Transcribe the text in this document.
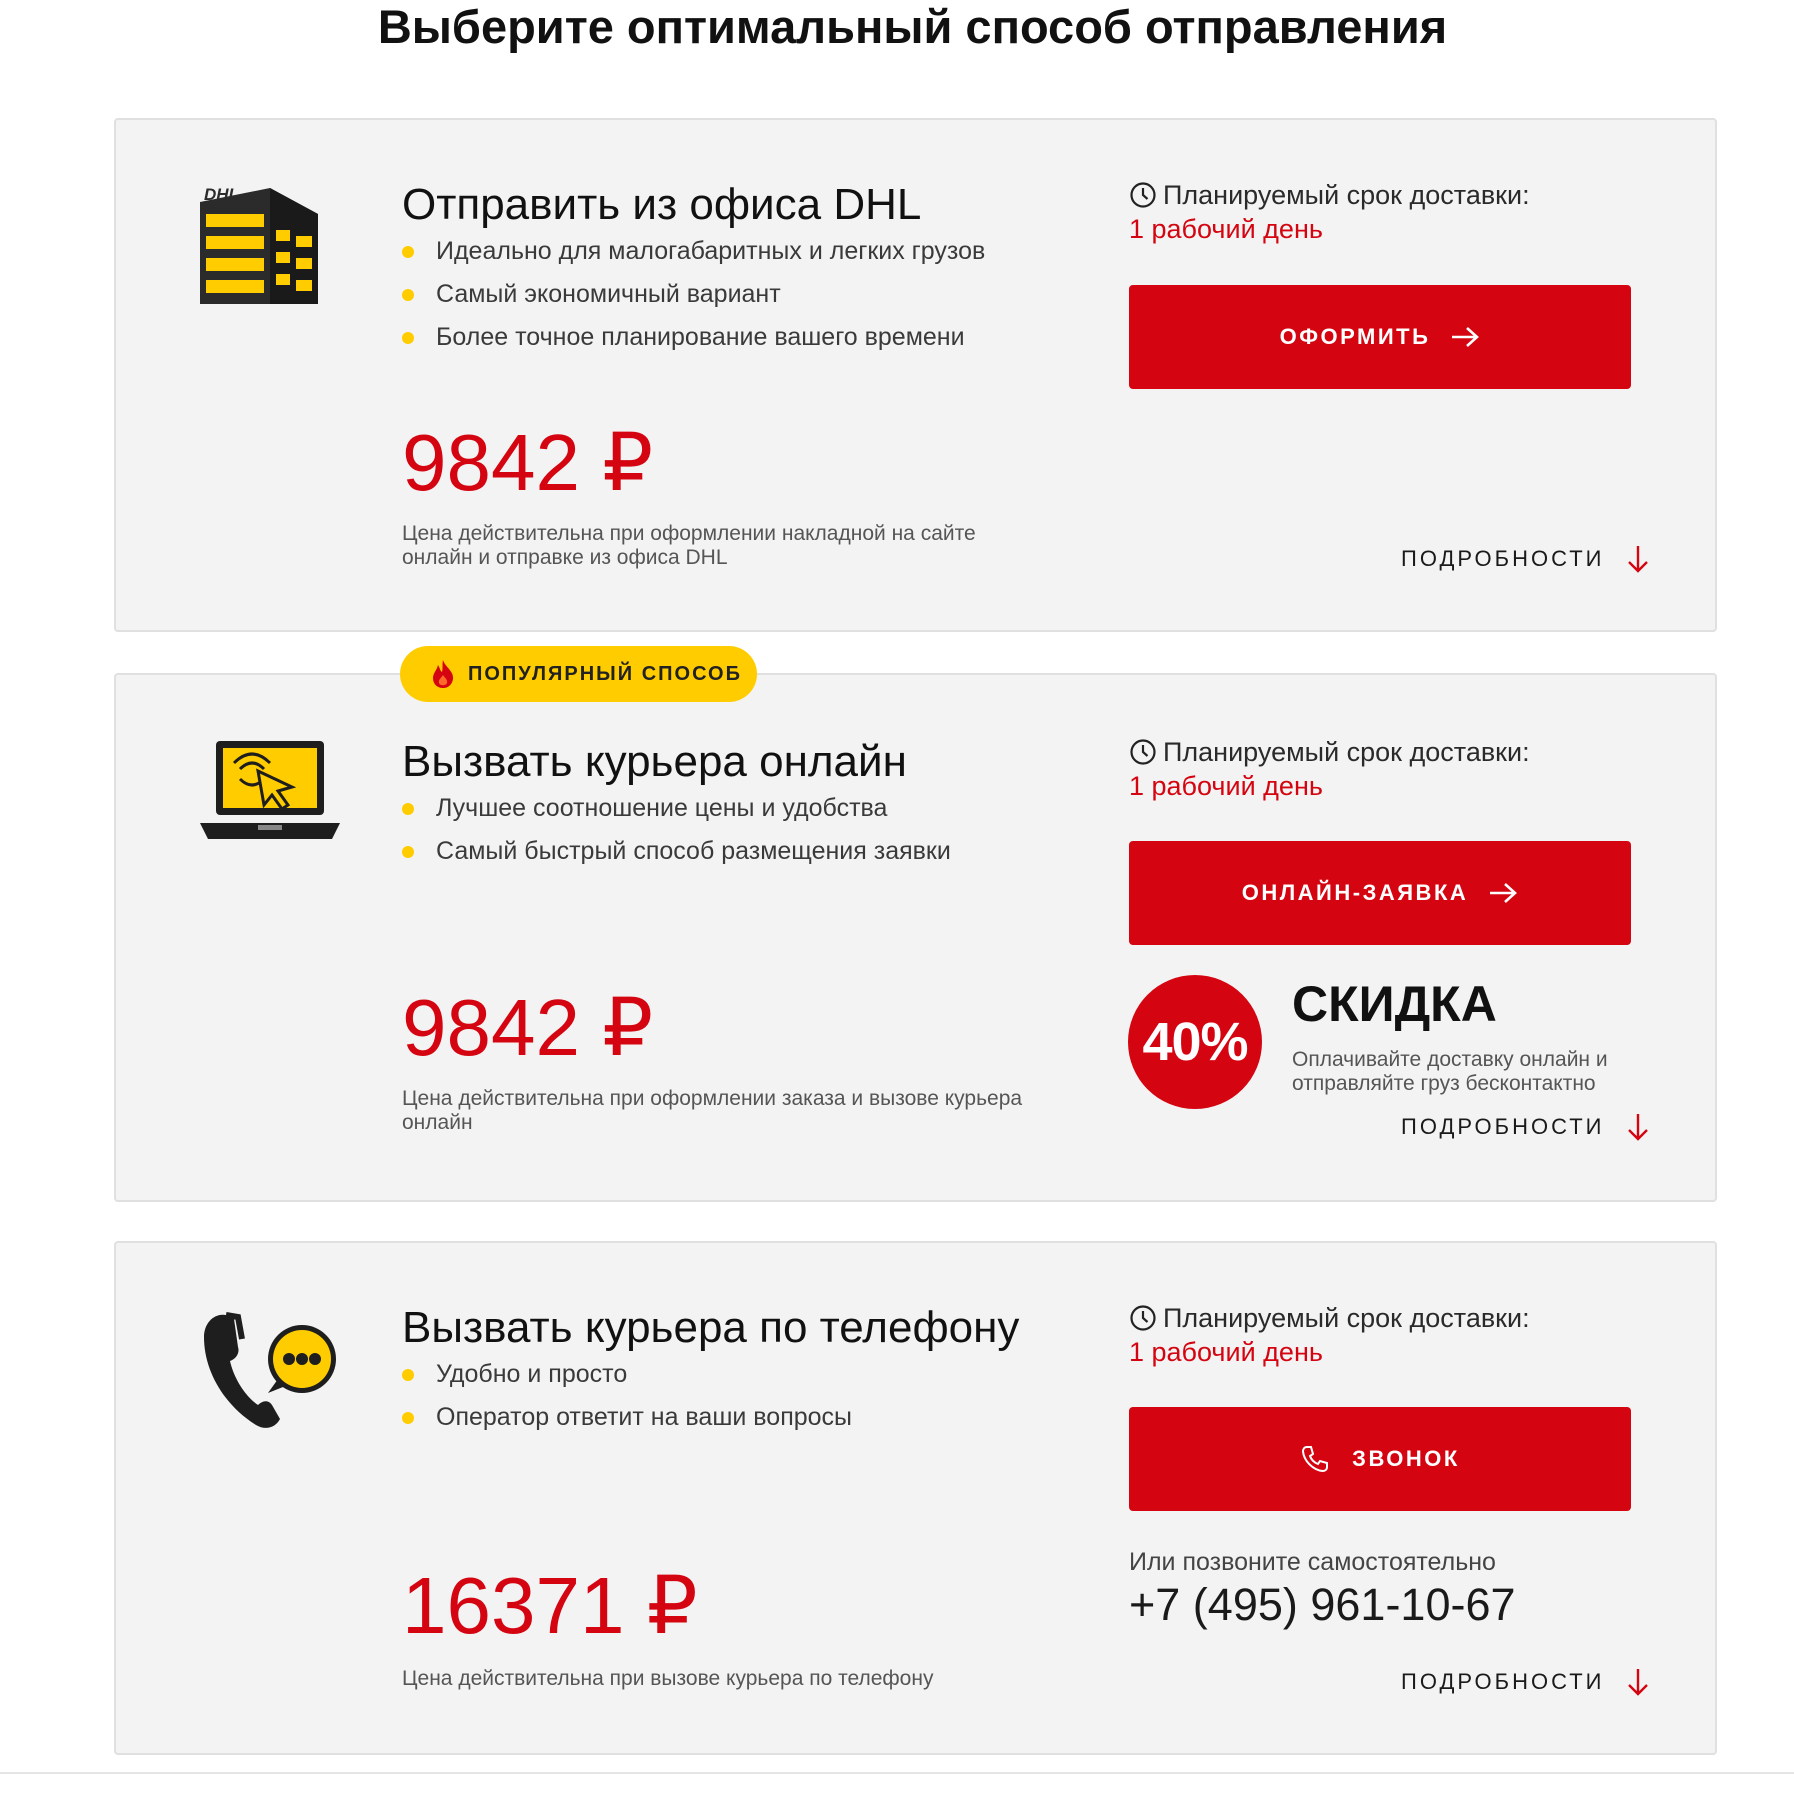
Выберите оптимальный способ отправления
DHL	Отправить из офиса DHL
Идеально для малогабаритных и легких грузов
Самый экономичный вариант
Более точное планирование вашего времени
9842 ₽
Цена действительна при оформлении накладной на сайте онлайн и отправке из офиса DHL
Планируемый срок доставки:
1 рабочий день
ОФОРМИТЬ
ПОДРОБНОСТИ
Вызвать курьера онлайн
Лучшее соотношение цены и удобства
Самый быстрый способ размещения заявки
9842 ₽
Цена действительна при оформлении заказа и вызове курьера онлайн
Планируемый срок доставки:
1 рабочий день
ОНЛАЙН-ЗАЯВКА
40%
СКИДКА
Оплачивайте доставку онлайн и отправляйте груз бесконтактно
ПОДРОБНОСТИ
ПОПУЛЯРНЫЙ СПОСОБ
Вызвать курьера по телефону
Удобно и просто
Оператор ответит на ваши вопросы
16371 ₽
Цена действительна при вызове курьера по телефону
Планируемый срок доставки:
1 рабочий день
ЗВОНОК
Или позвоните самостоятельно
+7 (495) 961-10-67
ПОДРОБНОСТИ
